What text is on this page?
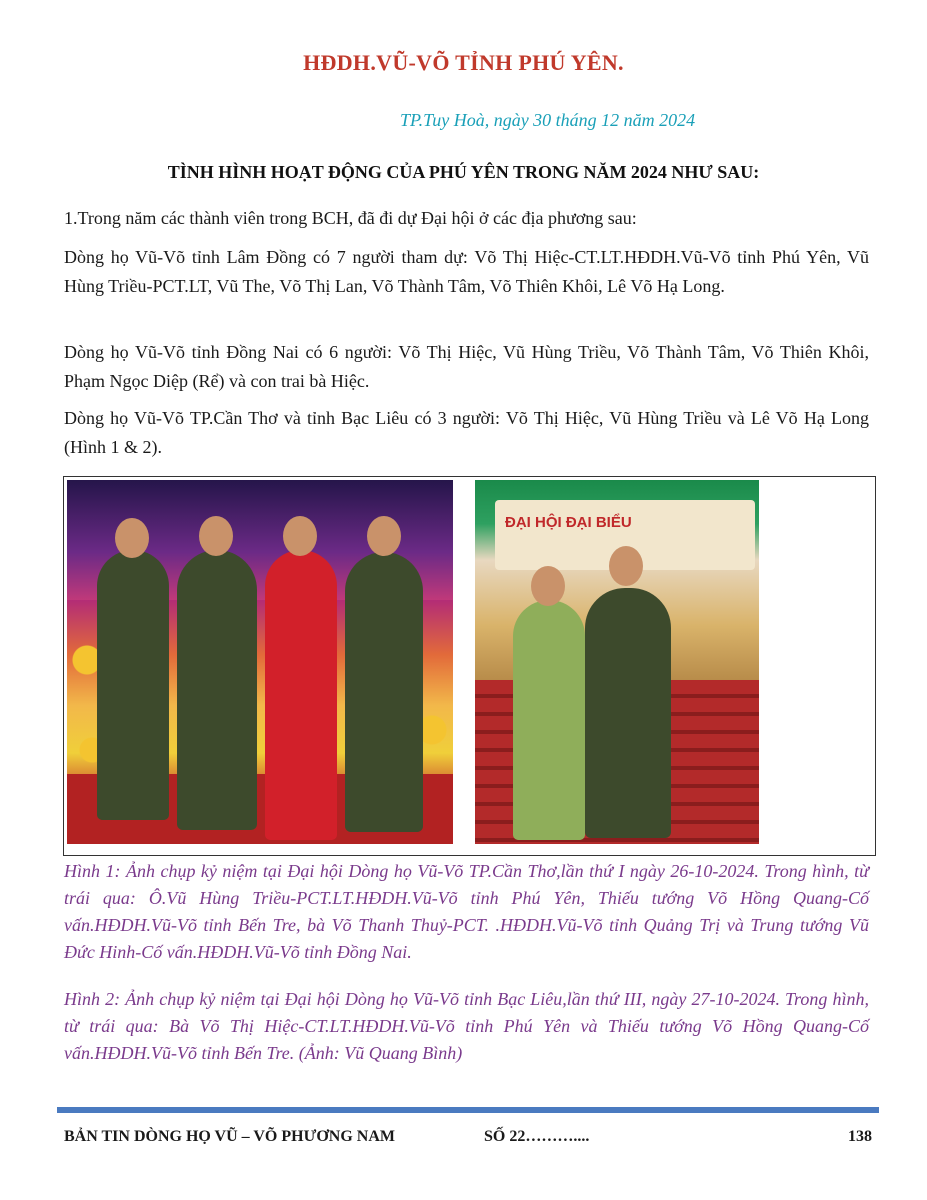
HĐDH.VŨ-VÕ TỈNH PHÚ YÊN.
TP.Tuy Hoà, ngày 30 tháng 12 năm 2024
TÌNH HÌNH HOẠT ĐỘNG CỦA PHÚ YÊN TRONG NĂM 2024 NHƯ SAU:
1.Trong năm các thành viên trong BCH, đã đi dự Đại hội ở các địa phương sau:
Dòng họ Vũ-Võ tỉnh Lâm Đồng có 7 người tham dự: Võ Thị Hiệc-CT.LT.HĐDH.Vũ-Võ tỉnh Phú Yên, Vũ Hùng Triều-PCT.LT, Vũ The, Võ Thị Lan, Võ Thành Tâm, Võ Thiên Khôi, Lê Võ Hạ Long.
Dòng họ Vũ-Võ tỉnh Đồng Nai có 6 người: Võ Thị Hiệc, Vũ Hùng Triều, Võ Thành Tâm, Võ Thiên Khôi, Phạm Ngọc Diệp (Rể) và con trai bà Hiệc.
Dòng họ Vũ-Võ TP.Cần Thơ và tỉnh Bạc Liêu có 3 người: Võ Thị Hiệc, Vũ Hùng Triều và Lê Võ Hạ Long (Hình 1 & 2).
ĐẠI HỘI ĐẠI BIỂU
Hình 1: Ảnh chụp kỷ niệm tại Đại hội Dòng họ Vũ-Võ TP.Cần Thơ,lần thứ I ngày 26-10-2024. Trong hình, từ trái qua: Ô.Vũ Hùng Triều-PCT.LT.HĐDH.Vũ-Võ tỉnh Phú Yên, Thiếu tướng Võ Hồng Quang-Cố vấn.HĐDH.Vũ-Võ tỉnh Bến Tre, bà Võ Thanh Thuỷ-PCT. .HĐDH.Vũ-Võ tỉnh Quảng Trị và Trung tướng Vũ Đức Hinh-Cố vấn.HĐDH.Vũ-Võ tỉnh Đồng Nai.
Hình 2: Ảnh chụp kỷ niệm tại Đại hội Dòng họ Vũ-Võ tỉnh Bạc Liêu,lần thứ III, ngày 27-10-2024. Trong hình, từ trái qua: Bà Võ Thị Hiệc-CT.LT.HĐDH.Vũ-Võ tỉnh Phú Yên và Thiếu tướng Võ Hồng Quang-Cố vấn.HĐDH.Vũ-Võ tỉnh Bến Tre. (Ảnh: Vũ Quang Bình)
BẢN TIN DÒNG HỌ VŨ – VÕ PHƯƠNG NAM	SỐ 22………....	138
